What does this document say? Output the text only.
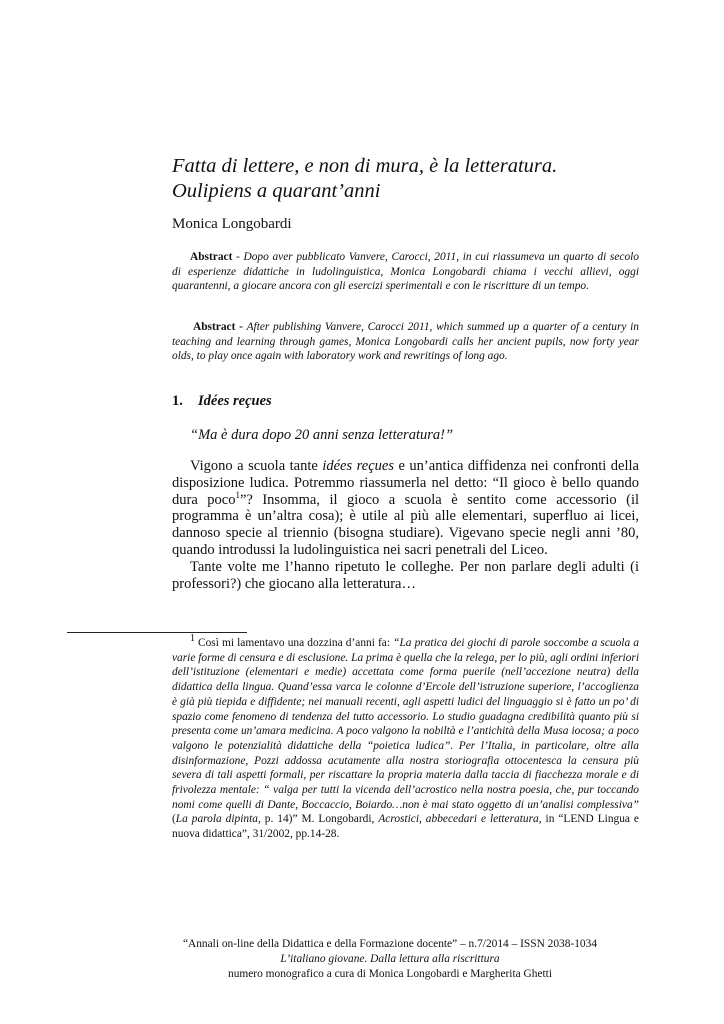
Fatta di lettere, e non di mura, è la letteratura.
Oulipiens a quarant’anni
Monica Longobardi
Abstract - Dopo aver pubblicato Vanvere, Carocci, 2011, in cui riassumeva un quarto di secolo di esperienze didattiche in ludolinguistica, Monica Longobardi chiama i vecchi allievi, oggi quarantenni, a giocare ancora con gli esercizi sperimentali e con le riscritture di un tempo.
Abstract - After publishing Vanvere, Carocci 2011, which summed up a quarter of a century in teaching and learning through games, Monica Longobardi calls her ancient pupils, now forty year olds, to play once again with laboratory work and rewritings of long ago.
1. Idées reçues
“Ma è dura dopo 20 anni senza letteratura!”

Vigono a scuola tante idées reçues e un’antica diffidenza nei confronti della disposizione ludica. Potremmo riassumerla nel detto: “Il gioco è bello quando dura poco$^1$”? Insomma, il gioco a scuola è sentito come accessorio (il programma è un’altra cosa); è utile al più alle elementari, superfluo ai licei, dannoso specie al triennio (bisogna studiare). Vigevano specie negli anni ’80, quando introdussi la ludolinguistica nei sacri penetrali del Liceo.

Tante volte me l’hanno ripetuto le colleghe. Per non parlare degli adulti (i professori?) che giocano alla letteratura…

1 Così mi lamentavo una dozzina d’anni fa: “La pratica dei giochi di parole soccombe a scuola a varie forme di censura e di esclusione. La prima è quella che la relega, per lo più, agli ordini inferiori dell’istituzione (elementari e medie) accettata come forma puerile (nell’accezione neutra) della didattica della lingua. Quand’essa varca le colonne d’Ercole dell’istruzione superiore, l’accoglienza è già più tiepida e diffidente; nei manuali recenti, agli aspetti ludici del linguaggio si è fatto un po’ di spazio come fenomeno di tendenza del tutto accessorio. Lo studio guadagna credibilità quanto più si presenta come un’amara medicina. A poco valgono la nobiltà e l’antichità della Musa iocosa; a poco valgono le potenzialità didattiche della “poietica ludica”. Per l’Italia, in particolare, oltre alla disinformazione, Pozzi addossa acutamente alla nostra storiografia ottocentesca la censura più severa di tali aspetti formali, per riscattare la propria materia dalla taccia di fiacchezza morale e di frivolezza mentale: “ valga per tutti la vicenda dell’acrostico nella nostra poesia, che, pur toccando nomi come quelli di Dante, Boccaccio, Boiardo…non è mai stato oggetto di un’analisi complessiva” (La parola dipinta, p. 14)” M. Longobardi, Acrostici, abbecedari e letteratura, in “LEND Lingua e nuova didattica”, 31/2002, pp.14-28.
“Annali on-line della Didattica e della Formazione docente” – n.7/2014 – ISSN 2038-1034
L’italiano giovane. Dalla lettura alla riscrittura
numero monografico a cura di Monica Longobardi e Margherita Ghetti
